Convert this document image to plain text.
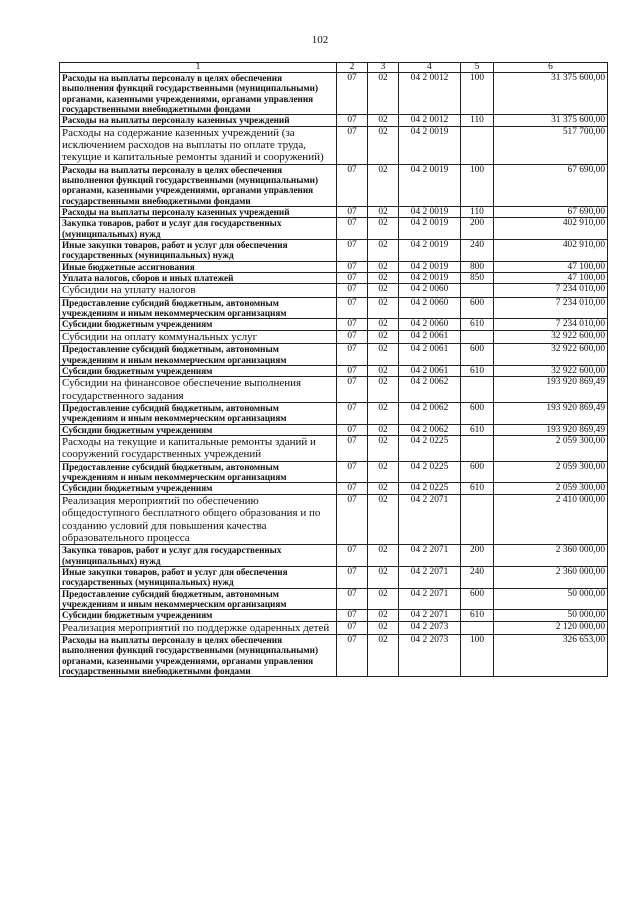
102
1	2	3	4	5	6
Расходы на выплаты персоналу в целях обеспечения выполнения функций государственными (муниципальными) органами, казенными учреждениями, органами управления государственными внебюджетными фондами	07	02	04 2 0012	100	31 375 600,00
Расходы на выплаты персоналу казенных учреждений	07	02	04 2 0012	110	31 375 600,00
Расходы на содержание казенных учреждений (за исключением расходов на выплаты по оплате труда, текущие и капитальные ремонты зданий и сооружений)	07	02	04 2 0019		517 700,00
Расходы на выплаты персоналу в целях обеспечения выполнения функций государственными (муниципальными) органами, казенными учреждениями, органами управления государственными внебюджетными фондами	07	02	04 2 0019	100	67 690,00
Расходы на выплаты персоналу казенных учреждений	07	02	04 2 0019	110	67 690,00
Закупка товаров, работ и услуг для государственных (муниципальных) нужд	07	02	04 2 0019	200	402 910,00
Иные закупки товаров, работ и услуг для обеспечения государственных (муниципальных) нужд	07	02	04 2 0019	240	402 910,00
Иные бюджетные ассигнования	07	02	04 2 0019	800	47 100,00
Уплата налогов, сборов и иных платежей	07	02	04 2 0019	850	47 100,00
Субсидии на уплату налогов	07	02	04 2 0060		7 234 010,00
Предоставление субсидий бюджетным, автономным учреждениям и иным некоммерческим организациям	07	02	04 2 0060	600	7 234 010,00
Субсидии бюджетным учреждениям	07	02	04 2 0060	610	7 234 010,00
Субсидии на оплату коммунальных услуг	07	02	04 2 0061		32 922 600,00
Предоставление субсидий бюджетным, автономным учреждениям и иным некоммерческим организациям	07	02	04 2 0061	600	32 922 600,00
Субсидии бюджетным учреждениям	07	02	04 2 0061	610	32 922 600,00
Субсидии на финансовое обеспечение выполнения государственного задания	07	02	04 2 0062		193 920 869,49
Предоставление субсидий бюджетным, автономным учреждениям и иным некоммерческим организациям	07	02	04 2 0062	600	193 920 869,49
Субсидии бюджетным учреждениям	07	02	04 2 0062	610	193 920 869,49
Расходы на текущие и капитальные ремонты зданий и сооружений государственных учреждений	07	02	04 2 0225		2 059 300,00
Предоставление субсидий бюджетным, автономным учреждениям и иным некоммерческим организациям	07	02	04 2 0225	600	2 059 300,00
Субсидии бюджетным учреждениям	07	02	04 2 0225	610	2 059 300,00
Реализация мероприятий по обеспечению общедоступного бесплатного общего образования и по созданию условий для повышения качества образовательного процесса	07	02	04 2 2071		2 410 000,00
Закупка товаров, работ и услуг для государственных (муниципальных) нужд	07	02	04 2 2071	200	2 360 000,00
Иные закупки товаров, работ и услуг для обеспечения государственных (муниципальных) нужд	07	02	04 2 2071	240	2 360 000,00
Предоставление субсидий бюджетным, автономным учреждениям и иным некоммерческим организациям	07	02	04 2 2071	600	50 000,00
Субсидии бюджетным учреждениям	07	02	04 2 2071	610	50 000,00
Реализация мероприятий по поддержке одаренных детей	07	02	04 2 2073		2 120 000,00
Расходы на выплаты персоналу в целях обеспечения выполнения функций государственными (муниципальными) органами, казенными учреждениями, органами управления государственными внебюджетными фондами	07	02	04 2 2073	100	326 653,00
